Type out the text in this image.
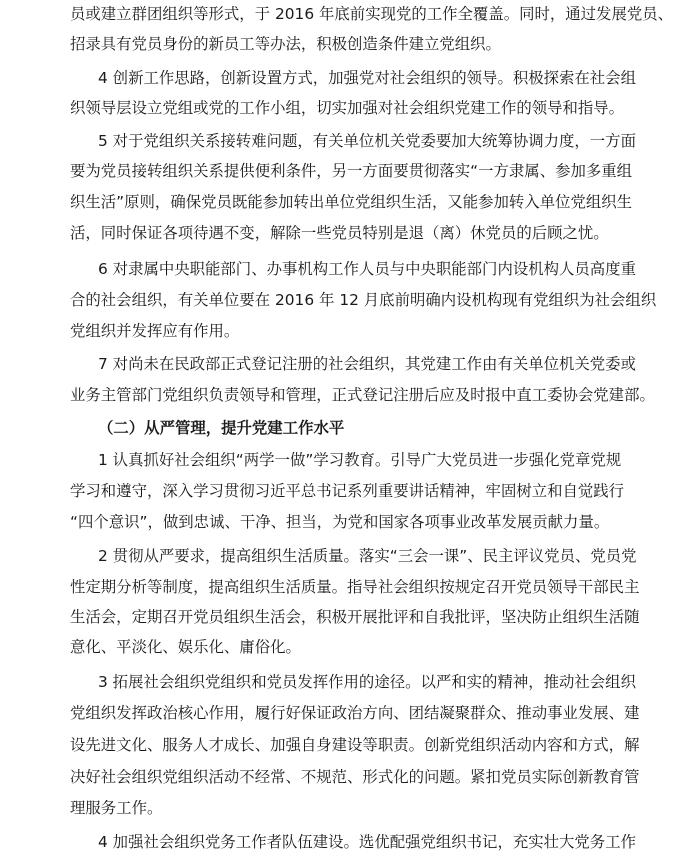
员或建立群团组织等形式，于 2016 年底前实现党的工作全覆盖。同时，通过发展党员、
招录具有党员身份的新员工等办法，积极创造条件建立党组织。
4 创新工作思路，创新设置方式，加强党对社会组织的领导。积极探索在社会组
织领导层设立党组或党的工作小组，切实加强对社会组织党建工作的领导和指导。
5 对于党组织关系接转难问题，有关单位机关党委要加大统筹协调力度，一方面
要为党员接转组织关系提供便利条件，另一方面要贯彻落实“一方隶属、参加多重组
织生活”原则，确保党员既能参加转出单位党组织生活，又能参加转入单位党组织生
活，同时保证各项待遇不变，解除一些党员特别是退（离）休党员的后顾之忧。
6 对隶属中央职能部门、办事机构工作人员与中央职能部门内设机构人员高度重
合的社会组织，有关单位要在 2016 年 12 月底前明确内设机构现有党组织为社会组织
党组织并发挥应有作用。
7 对尚未在民政部正式登记注册的社会组织，其党建工作由有关单位机关党委或
业务主管部门党组织负责领导和管理，正式登记注册后应及时报中直工委协会党建部。
（二）从严管理，提升党建工作水平
1 认真抓好社会组织“两学一做”学习教育。引导广大党员进一步强化党章党规
学习和遵守，深入学习贯彻习近平总书记系列重要讲话精神，牢固树立和自觉践行
“四个意识”，做到忠诚、干净、担当，为党和国家各项事业改革发展贡献力量。
2 贯彻从严要求，提高组织生活质量。落实“三会一课”、民主评议党员、党员党
性定期分析等制度，提高组织生活质量。指导社会组织按规定召开党员领导干部民主
生活会，定期召开党员组织生活会，积极开展批评和自我批评，坚决防止组织生活随
意化、平淡化、娱乐化、庸俗化。
3 拓展社会组织党组织和党员发挥作用的途径。以严和实的精神，推动社会组织
党组织发挥政治核心作用，履行好保证政治方向、团结凝聚群众、推动事业发展、建
设先进文化、服务人才成长、加强自身建设等职责。创新党组织活动内容和方式，解
决好社会组织党组织活动不经常、不规范、形式化的问题。紧扣党员实际创新教育管
理服务工作。
4 加强社会组织党务工作者队伍建设。选优配强党组织书记，充实壮大党务工作
